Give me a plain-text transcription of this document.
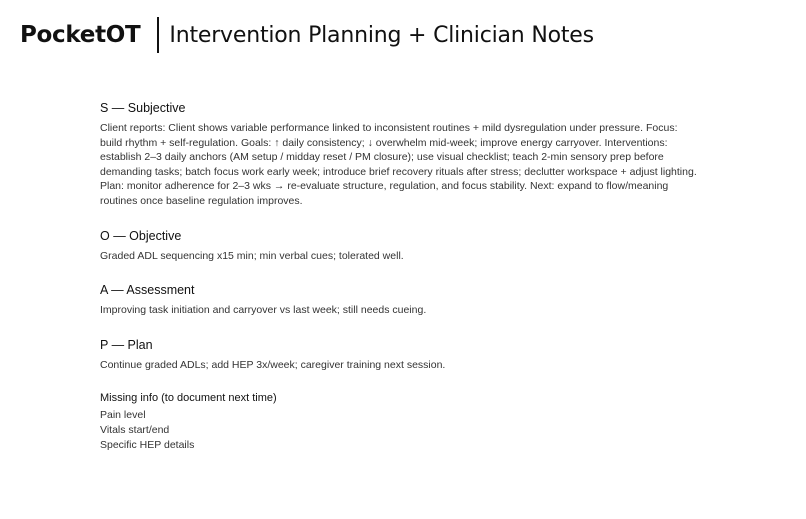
PocketOT Intervention Planning + Clinician Notes
S — Subjective

Client reports: Client shows variable performance linked to inconsistent routines + mild dysregulation under pressure. Focus: build rhythm + self-regulation. Goals: ↑ daily consistency; ↓ overwhelm mid-week; improve energy carryover. Interventions: establish 2–3 daily anchors (AM setup / midday reset / PM closure); use visual checklist; teach 2-min sensory prep before demanding tasks; batch focus work early week; introduce brief recovery rituals after stress; declutter workspace + adjust lighting. Plan: monitor adherence for 2–3 wks → re-evaluate structure, regulation, and focus stability. Next: expand to flow/meaning routines once baseline regulation improves.

O — Objective

Graded ADL sequencing x15 min; min verbal cues; tolerated well.

A — Assessment

Improving task initiation and carryover vs last week; still needs cueing.

P — Plan

Continue graded ADLs; add HEP 3x/week; caregiver training next session.

Missing info (to document next time)
Pain level
Vitals start/end
Specific HEP details
